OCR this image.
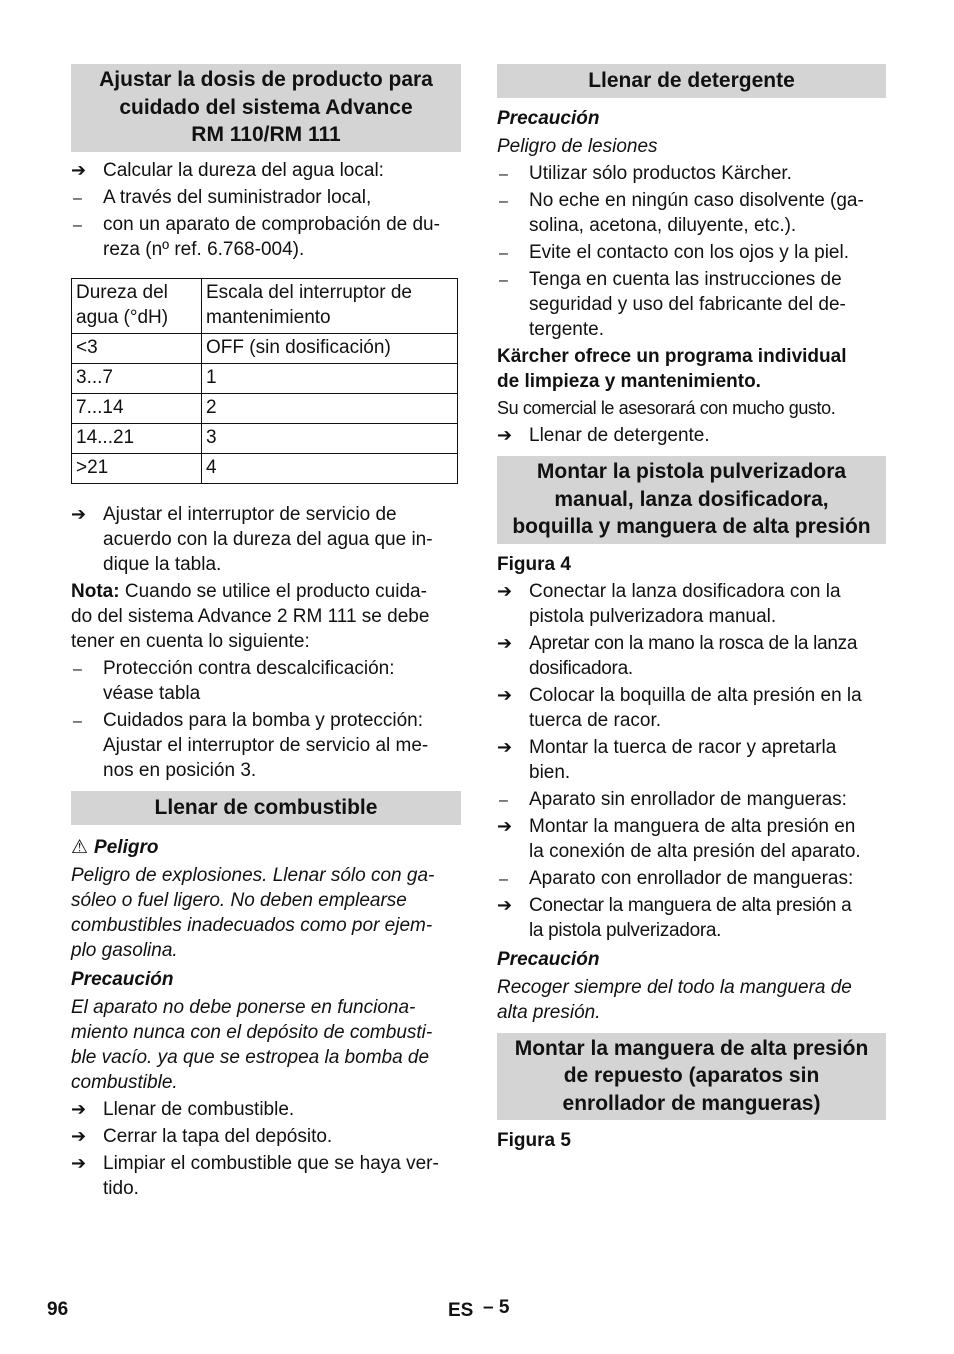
Ajustar la dosis de producto para
cuidado del sistema Advance
RM 110/RM 111
➔ Calcular la dureza del agua local:
–	A través del suministrador local,
–	con un aparato de comprobación de du-
reza (nº ref. 6.768-004).
Dureza del
agua (°dH)	Escala del interruptor de
mantenimiento

<3	OFF (sin dosificación)
3...7	1
7...14	2
14...21	3
>21	4
➔ Ajustar el interruptor de servicio de
acuerdo con la dureza del agua que in-
dique la tabla.
Nota: Cuando se utilice el producto cuida-
do del sistema Advance 2 RM 111 se debe
tener en cuenta lo siguiente:
–	Protección contra descalcificación:
véase tabla
–	Cuidados para la bomba y protección:
Ajustar el interruptor de servicio al me-
nos en posición 3.
Llenar de combustible
⚠ Peligro
Peligro de explosiones. Llenar sólo con ga-
sóleo o fuel ligero. No deben emplearse
combustibles inadecuados como por ejem-
plo gasolina.
Precaución
El aparato no debe ponerse en funciona-
miento nunca con el depósito de combusti-
ble vacío. ya que se estropea la bomba de
combustible.
➔ Llenar de combustible.
➔ Cerrar la tapa del depósito.
➔ Limpiar el combustible que se haya ver-
tido.
Llenar de detergente
Precaución
Peligro de lesiones
–	Utilizar sólo productos Kärcher.
–	No eche en ningún caso disolvente (ga-
solina, acetona, diluyente, etc.).
–	Evite el contacto con los ojos y la piel.
–	Tenga en cuenta las instrucciones de
seguridad y uso del fabricante del de-
tergente.
Kärcher ofrece un programa individual
de limpieza y mantenimiento.
Su comercial le asesorará con mucho gusto.
➔ Llenar de detergente.
Montar la pistola pulverizadora
manual, lanza dosificadora,
boquilla y manguera de alta presión
Figura 4
➔ Conectar la lanza dosificadora con la
pistola pulverizadora manual.
➔ Apretar con la mano la rosca de la lanza
dosificadora.
➔ Colocar la boquilla de alta presión en la
tuerca de racor.
➔ Montar la tuerca de racor y apretarla
bien.
–	Aparato sin enrollador de mangueras:
➔ Montar la manguera de alta presión en
la conexión de alta presión del aparato.
–	Aparato con enrollador de mangueras:
➔ Conectar la manguera de alta presión a
la pistola pulverizadora.
Precaución
Recoger siempre del todo la manguera de
alta presión.
Montar la manguera de alta presión
de repuesto (aparatos sin
enrollador de mangueras)
Figura 5
96	ES – 5
